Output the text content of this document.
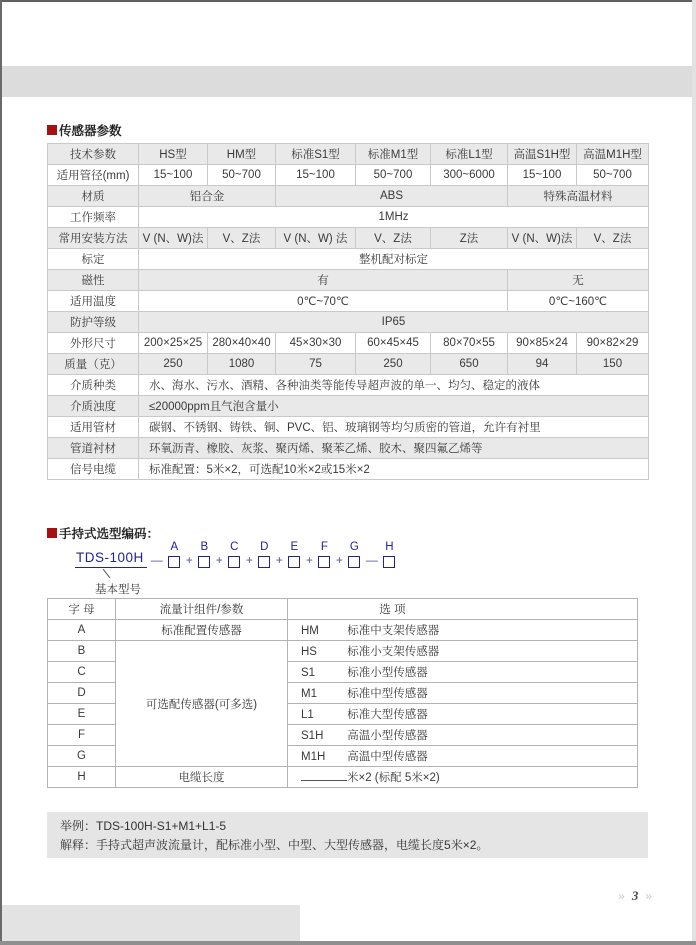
传感器参数
技术参数	HS型	HM型	标准S1型	标准M1型	标准L1型	高温S1H型	高温M1H型
适用管径(mm)	15~100	50~700	15~100	50~700	300~6000	15~100	50~700
材质	铝合金		ABS			特殊高温材料	
工作频率	1MHz						
常用安装方法	V (N、W)法	V、Z法	V (N、W) 法	V、Z法	Z法	V (N、W)法	V、Z法
标定	整机配对标定						
磁性	有					无	
适用温度	0℃~70℃					0℃~160℃	
防护等级	IP65						
外形尺寸	200×25×25	280×40×40	45×30×30	60×45×45	80×70×55	90×85×24	90×82×29
质量（克）	250	1080	75	250	650	94	150
介质种类	水、海水、污水、酒精、各种油类等能传导超声波的单一、均匀、稳定的液体						
介质浊度	≤20000ppm且气泡含量小						
适用管材	碳钢、不锈钢、铸铁、铜、PVC、铝、玻璃钢等均匀质密的管道，允许有衬里						
管道衬材	环氧沥青、橡胶、灰浆、聚丙烯、聚苯乙烯、胶木、聚四氟乙烯等						
信号电缆	标准配置：5米×2，可选配10米×2或15米×2						
手持式选型编码：
TDS-100H —
A
+
B
+
C
+
D
+
E
+
F
+
G
—
H
基本型号
字 母	流量计组件/参数	选 项
A	标准配置传感器	HM 标准中支架传感器
B	可选配传感器(可多选)	HS 标准小支架传感器
C		S1 标准小型传感器
D		M1 标准中型传感器
E		L1 标准大型传感器
F		S1H 高温小型传感器
G		M1H 高温中型传感器
H	电缆长度	米×2 (标配 5米×2)
举例：TDS-100H-S1+M1+L1-5
解释：手持式超声波流量计，配标准小型、中型、大型传感器，电缆长度5米×2。
» 3 »
